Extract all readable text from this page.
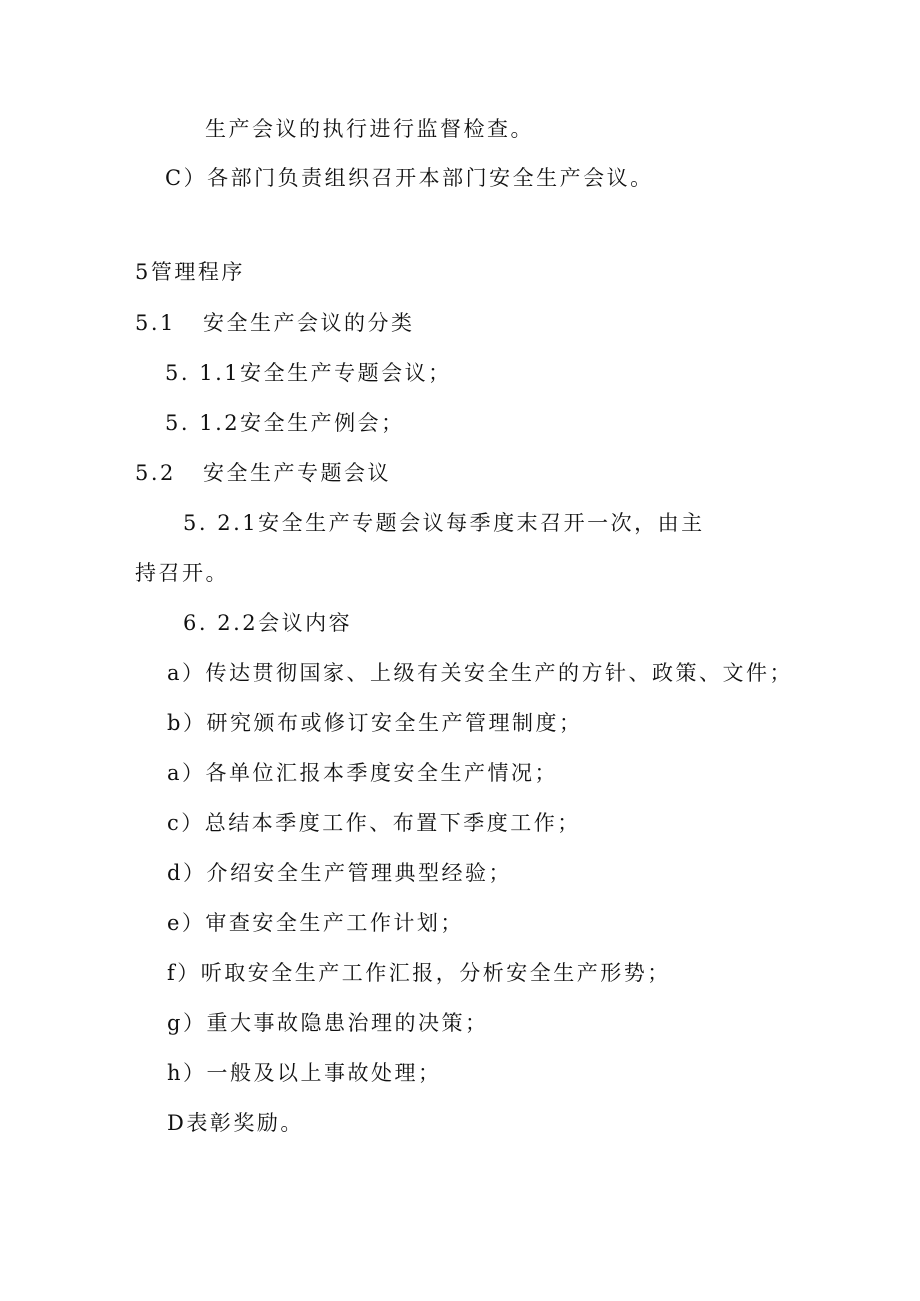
生产会议的执行进行监督检查。
C）各部门负责组织召开本部门安全生产会议。
5管理程序
5.1 安全生产会议的分类
5. 1.1安全生产专题会议；
5. 1.2安全生产例会；
5.2 安全生产专题会议
5. 2.1安全生产专题会议每季度末召开一次，由主
持召开。
6. 2.2会议内容
a）传达贯彻国家、上级有关安全生产的方针、政策、文件；
b）研究颁布或修订安全生产管理制度；
a）各单位汇报本季度安全生产情况；
c）总结本季度工作、布置下季度工作；
d）介绍安全生产管理典型经验；
e）审查安全生产工作计划；
f）听取安全生产工作汇报，分析安全生产形势；
g）重大事故隐患治理的决策；
h）一般及以上事故处理；
D表彰奖励。
